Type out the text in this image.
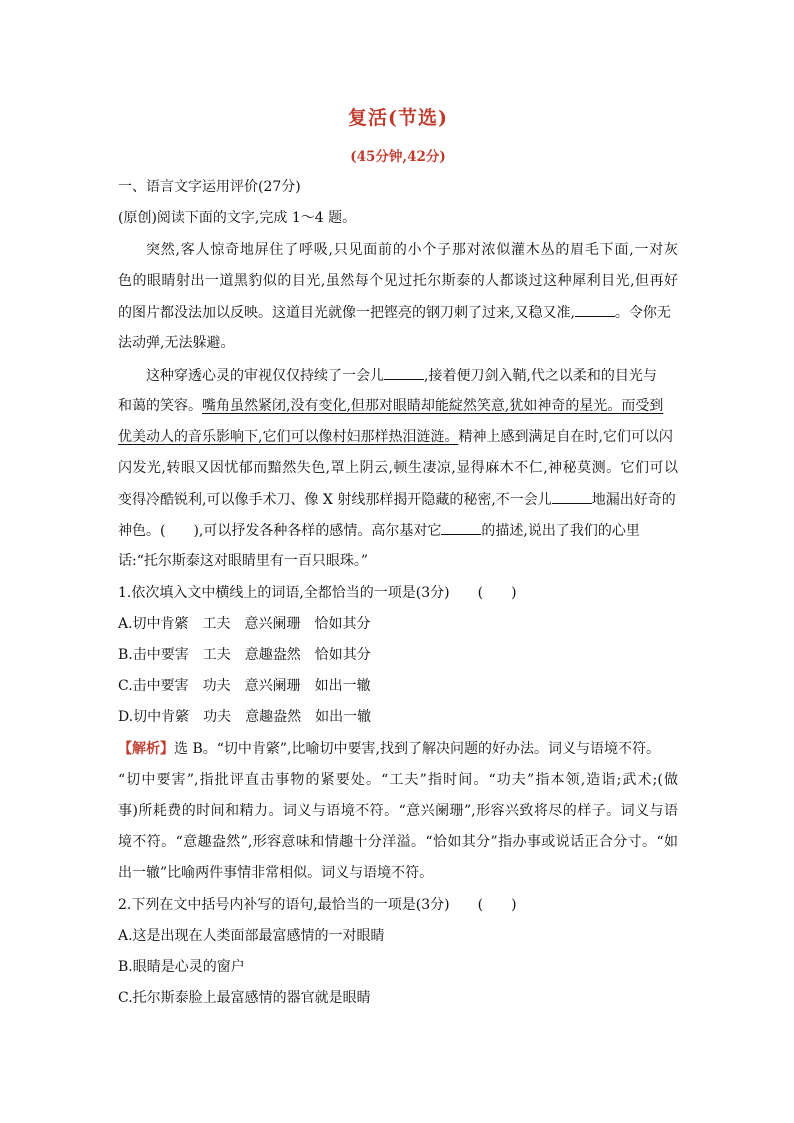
复活(节选)
(45分钟,42分)
一、语言文字运用评价(27分)
(原创)阅读下面的文字,完成 1～4 题。
突然,客人惊奇地屏住了呼吸,只见面前的小个子那对浓似灌木丛的眉毛下面,一对灰
色的眼睛射出一道黑豹似的目光,虽然每个见过托尔斯泰的人都谈过这种犀利目光,但再好
的图片都没法加以反映。这道目光就像一把铿亮的钢刀刺了过来,又稳又准,	。令你无
法动弹,无法躲避。
这种穿透心灵的审视仅仅持续了一会儿	,接着便刀剑入鞘,代之以柔和的目光与
和蔼的笑容。嘴角虽然紧闭,没有变化,但那对眼睛却能綻然笑意,犹如神奇的星光。而受到
优美动人的音乐影响下,它们可以像村妇那样热泪涟涟。精神上感到满足自在时,它们可以闪
闪发光,转眼又因忧郁而黯然失色,罩上阴云,顿生凄凉,显得麻木不仁,神秘莫测。它们可以
变得冷酷锐利,可以像手术刀、像 X 射线那样揭开隐藏的秘密,不一会儿	地漏出好奇的
神色。(　　),可以抒发各种各样的感情。高尔基对它	的描述,说出了我们的心里
话:“托尔斯泰这对眼睛里有一百只眼珠。”
1.依次填入文中横线上的词语,全都恰当的一项是(3分)　　(　　)
A.切中肯綮　工夫　意兴阑珊　恰如其分
B.击中要害　工夫　意趣盎然　恰如其分
C.击中要害　功夫　意兴阑珊　如出一辙
D.切中肯綮　功夫　意趣盎然　如出一辙
【解析】选 B。“切中肯綮”,比喻切中要害,找到了解决问题的好办法。词义与语境不符。
“切中要害”,指批评直击事物的紧要处。“工夫”指时间。“功夫”指本领,造诣;武术;(做
事)所耗费的时间和精力。词义与语境不符。“意兴阑珊”,形容兴致将尽的样子。词义与语
境不符。“意趣盎然”,形容意味和情趣十分洋溢。“恰如其分”指办事或说话正合分寸。“如
出一辙”比喻两件事情非常相似。词义与语境不符。
2.下列在文中括号内补写的语句,最恰当的一项是(3分)　　(　　)
A.这是出现在人类面部最富感情的一对眼睛
B.眼睛是心灵的窗户
C.托尔斯泰脸上最富感情的器官就是眼睛
